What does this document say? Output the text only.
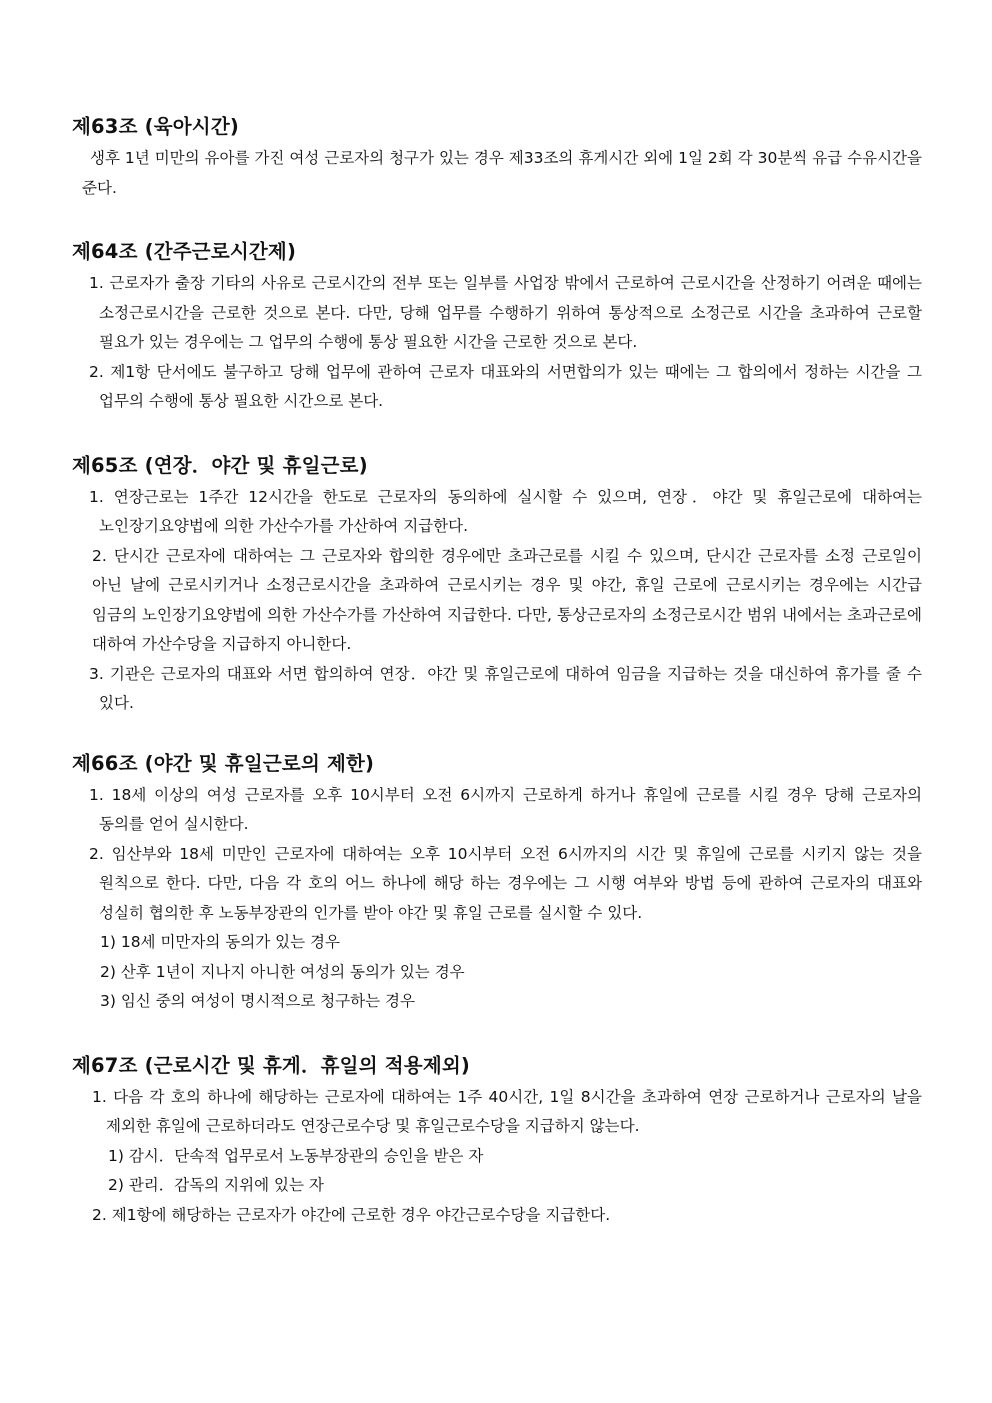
제63조 (육아시간)
생후 1년 미만의 유아를 가진 여성 근로자의 청구가 있는 경우 제33조의 휴게시간 외에 1일 2회 각 30분씩 유급 수유시간을 준다.
제64조 (간주근로시간제)
1. 근로자가 출장 기타의 사유로 근로시간의 전부 또는 일부를 사업장 밖에서 근로하여 근로시간을 산정하기 어려운 때에는 소정근로시간을 근로한 것으로 본다. 다만, 당해 업무를 수행하기 위하여 통상적으로 소정근로 시간을 초과하여 근로할 필요가 있는 경우에는 그 업무의 수행에 통상 필요한 시간을 근로한 것으로 본다.
2. 제1항 단서에도 불구하고 당해 업무에 관하여 근로자 대표와의 서면합의가 있는 때에는 그 합의에서 정하는 시간을 그 업무의 수행에 통상 필요한 시간으로 본다.
제65조 (연장．야간 및 휴일근로)
1. 연장근로는 1주간 12시간을 한도로 근로자의 동의하에 실시할 수 있으며, 연장．야간 및 휴일근로에 대하여는 노인장기요양법에 의한 가산수가를 가산하여 지급한다.
2. 단시간 근로자에 대하여는 그 근로자와 합의한 경우에만 초과근로를 시킬 수 있으며, 단시간 근로자를 소정 근로일이 아닌 날에 근로시키거나 소정근로시간을 초과하여 근로시키는 경우 및 야간, 휴일 근로에 근로시키는 경우에는 시간급 임금의 노인장기요양법에 의한 가산수가를 가산하여 지급한다. 다만, 통상근로자의 소정근로시간 범위 내에서는 초과근로에 대하여 가산수당을 지급하지 아니한다.
3. 기관은 근로자의 대표와 서면 합의하여 연장．야간 및 휴일근로에 대하여 임금을 지급하는 것을 대신하여 휴가를 줄 수 있다.
제66조 (야간 및 휴일근로의 제한)
1. 18세 이상의 여성 근로자를 오후 10시부터 오전 6시까지 근로하게 하거나 휴일에 근로를 시킬 경우 당해 근로자의 동의를 얻어 실시한다.
2. 임산부와 18세 미만인 근로자에 대하여는 오후 10시부터 오전 6시까지의 시간 및 휴일에 근로를 시키지 않는 것을 원칙으로 한다. 다만, 다음 각 호의 어느 하나에 해당 하는 경우에는 그 시행 여부와 방법 등에 관하여 근로자의 대표와 성실히 협의한 후 노동부장관의 인가를 받아 야간 및 휴일 근로를 실시할 수 있다.
1) 18세 미만자의 동의가 있는 경우
2) 산후 1년이 지나지 아니한 여성의 동의가 있는 경우
3) 임신 중의 여성이 명시적으로 청구하는 경우
제67조 (근로시간 및 휴게．휴일의 적용제외)
1. 다음 각 호의 하나에 해당하는 근로자에 대하여는 1주 40시간, 1일 8시간을 초과하여 연장 근로하거나 근로자의 날을 제외한 휴일에 근로하더라도 연장근로수당 및 휴일근로수당을 지급하지 않는다.
1) 감시．단속적 업무로서 노동부장관의 승인을 받은 자
2) 관리．감독의 지위에 있는 자
2. 제1항에 해당하는 근로자가 야간에 근로한 경우 야간근로수당을 지급한다.
